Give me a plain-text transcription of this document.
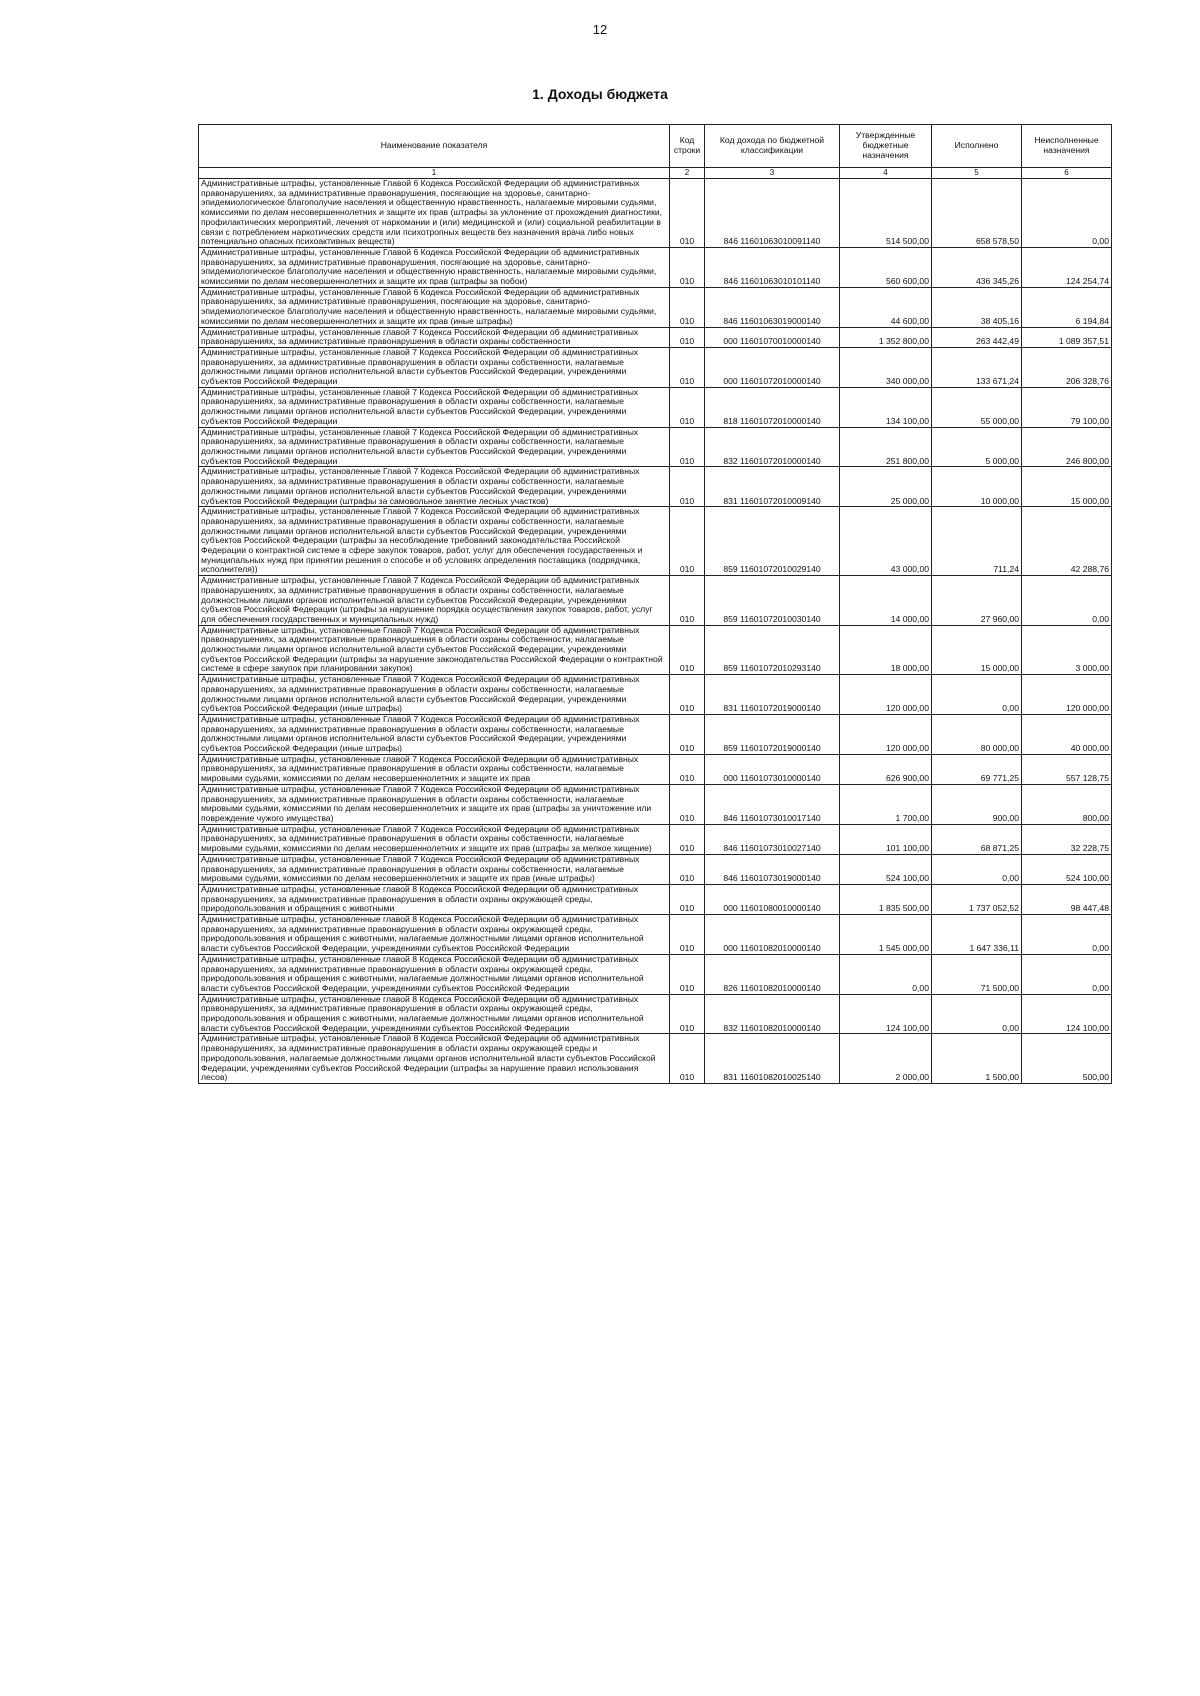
12
1. Доходы бюджета
Наименование показателя	Код строки	Код дохода по бюджетной классификации	Утвержденные бюджетные назначения	Исполнено	Неисполненные назначения
1	2	3	4	5	6
Административные штрафы, установленные Главой 6 Кодекса Российской Федерации об административных правонарушениях, за административные правонарушения, посягающие на здоровье, санитарно-эпидемиологическое благополучие населения и общественную нравственность, налагаемые мировыми судьями, комиссиями по делам несовершеннолетних и защите их прав (штрафы за уклонение от прохождения диагностики, профилактических мероприятий, лечения от наркомании и (или) медицинской и (или) социальной реабилитации в связи с потреблением наркотических средств или психотропных веществ без назначения врача либо новых потенциально опасных психоактивных веществ)	010	846 11601063010091140	514 500,00	658 578,50	0,00
Административные штрафы, установленные Главой 6 Кодекса Российской Федерации об административных правонарушениях, за административные правонарушения, посягающие на здоровье, санитарно-эпидемиологическое благополучие населения и общественную нравственность, налагаемые мировыми судьями, комиссиями по делам несовершеннолетних и защите их прав (штрафы за побои)	010	846 11601063010101140	560 600,00	436 345,26	124 254,74
Административные штрафы, установленные Главой 6 Кодекса Российской Федерации об административных правонарушениях, за административные правонарушения, посягающие на здоровье, санитарно-эпидемиологическое благополучие населения и общественную нравственность, налагаемые мировыми судьями, комиссиями по делам несовершеннолетних и защите их прав (иные штрафы)	010	846 11601063019000140	44 600,00	38 405,16	6 194,84
Административные штрафы, установленные главой 7 Кодекса Российской Федерации об административных правонарушениях, за административные правонарушения в области охраны собственности	010	000 11601070010000140	1 352 800,00	263 442,49	1 089 357,51
Административные штрафы, установленные главой 7 Кодекса Российской Федерации об административных правонарушениях, за административные правонарушения в области охраны собственности, налагаемые должностными лицами органов исполнительной власти субъектов Российской Федерации, учреждениями субъектов Российской Федерации	010	000 11601072010000140	340 000,00	133 671,24	206 328,76
Административные штрафы, установленные главой 7 Кодекса Российской Федерации об административных правонарушениях, за административные правонарушения в области охраны собственности, налагаемые должностными лицами органов исполнительной власти субъектов Российской Федерации, учреждениями субъектов Российской Федерации	010	818 11601072010000140	134 100,00	55 000,00	79 100,00
Административные штрафы, установленные главой 7 Кодекса Российской Федерации об административных правонарушениях, за административные правонарушения в области охраны собственности, налагаемые должностными лицами органов исполнительной власти субъектов Российской Федерации, учреждениями субъектов Российской Федерации	010	832 11601072010000140	251 800,00	5 000,00	246 800,00
Административные штрафы, установленные Главой 7 Кодекса Российской Федерации об административных правонарушениях, за административные правонарушения в области охраны собственности, налагаемые должностными лицами органов исполнительной власти субъектов Российской Федерации, учреждениями субъектов Российской Федерации (штрафы за самовольное занятие лесных участков)	010	831 11601072010009140	25 000,00	10 000,00	15 000,00
Административные штрафы, установленные Главой 7 Кодекса Российской Федерации об административных правонарушениях, за административные правонарушения в области охраны собственности, налагаемые должностными лицами органов исполнительной власти субъектов Российской Федерации, учреждениями субъектов Российской Федерации (штрафы за несоблюдение требований законодательства Российской Федерации о контрактной системе в сфере закупок товаров, работ, услуг для обеспечения государственных и муниципальных нужд при принятии решения о способе и об условиях определения поставщика (подрядчика, исполнителя))	010	859 11601072010029140	43 000,00	711,24	42 288,76
Административные штрафы, установленные Главой 7 Кодекса Российской Федерации об административных правонарушениях, за административные правонарушения в области охраны собственности, налагаемые должностными лицами органов исполнительной власти субъектов Российской Федерации, учреждениями субъектов Российской Федерации (штрафы за нарушение порядка осуществления закупок товаров, работ, услуг для обеспечения государственных и муниципальных нужд)	010	859 11601072010030140	14 000,00	27 960,00	0,00
Административные штрафы, установленные Главой 7 Кодекса Российской Федерации об административных правонарушениях, за административные правонарушения в области охраны собственности, налагаемые должностными лицами органов исполнительной власти субъектов Российской Федерации, учреждениями субъектов Российской Федерации (штрафы за нарушение законодательства Российской Федерации о контрактной системе в сфере закупок при планировании закупок)	010	859 11601072010293140	18 000,00	15 000,00	3 000,00
Административные штрафы, установленные Главой 7 Кодекса Российской Федерации об административных правонарушениях, за административные правонарушения в области охраны собственности, налагаемые должностными лицами органов исполнительной власти субъектов Российской Федерации, учреждениями субъектов Российской Федерации (иные штрафы)	010	831 11601072019000140	120 000,00	0,00	120 000,00
Административные штрафы, установленные Главой 7 Кодекса Российской Федерации об административных правонарушениях, за административные правонарушения в области охраны собственности, налагаемые должностными лицами органов исполнительной власти субъектов Российской Федерации, учреждениями субъектов Российской Федерации (иные штрафы)	010	859 11601072019000140	120 000,00	80 000,00	40 000,00
Административные штрафы, установленные главой 7 Кодекса Российской Федерации об административных правонарушениях, за административные правонарушения в области охраны собственности, налагаемые мировыми судьями, комиссиями по делам несовершеннолетних и защите их прав	010	000 11601073010000140	626 900,00	69 771,25	557 128,75
Административные штрафы, установленные Главой 7 Кодекса Российской Федерации об административных правонарушениях, за административные правонарушения в области охраны собственности, налагаемые мировыми судьями, комиссиями по делам несовершеннолетних и защите их прав (штрафы за уничтожение или повреждение чужого имущества)	010	846 11601073010017140	1 700,00	900,00	800,00
Административные штрафы, установленные Главой 7 Кодекса Российской Федерации об административных правонарушениях, за административные правонарушения в области охраны собственности, налагаемые мировыми судьями, комиссиями по делам несовершеннолетних и защите их прав (штрафы за мелкое хищение)	010	846 11601073010027140	101 100,00	68 871,25	32 228,75
Административные штрафы, установленные Главой 7 Кодекса Российской Федерации об административных правонарушениях, за административные правонарушения в области охраны собственности, налагаемые мировыми судьями, комиссиями по делам несовершеннолетних и защите их прав (иные штрафы)	010	846 11601073019000140	524 100,00	0,00	524 100,00
Административные штрафы, установленные главой 8 Кодекса Российской Федерации об административных правонарушениях, за административные правонарушения в области охраны окружающей среды, природопользования и обращения с животными	010	000 11601080010000140	1 835 500,00	1 737 052,52	98 447,48
Административные штрафы, установленные главой 8 Кодекса Российской Федерации об административных правонарушениях, за административные правонарушения в области охраны окружающей среды, природопользования и обращения с животными, налагаемые должностными лицами органов исполнительной власти субъектов Российской Федерации, учреждениями субъектов Российской Федерации	010	000 11601082010000140	1 545 000,00	1 647 336,11	0,00
Административные штрафы, установленные главой 8 Кодекса Российской Федерации об административных правонарушениях, за административные правонарушения в области охраны окружающей среды, природопользования и обращения с животными, налагаемые должностными лицами органов исполнительной власти субъектов Российской Федерации, учреждениями субъектов Российской Федерации	010	826 11601082010000140	0,00	71 500,00	0,00
Административные штрафы, установленные главой 8 Кодекса Российской Федерации об административных правонарушениях, за административные правонарушения в области охраны окружающей среды, природопользования и обращения с животными, налагаемые должностными лицами органов исполнительной власти субъектов Российской Федерации, учреждениями субъектов Российской Федерации	010	832 11601082010000140	124 100,00	0,00	124 100,00
Административные штрафы, установленные Главой 8 Кодекса Российской Федерации об административных правонарушениях, за административные правонарушения в области охраны окружающей среды и природопользования, налагаемые должностными лицами органов исполнительной власти субъектов Российской Федерации, учреждениями субъектов Российской Федерации (штрафы за нарушение правил использования лесов)	010	831 11601082010025140	2 000,00	1 500,00	500,00
